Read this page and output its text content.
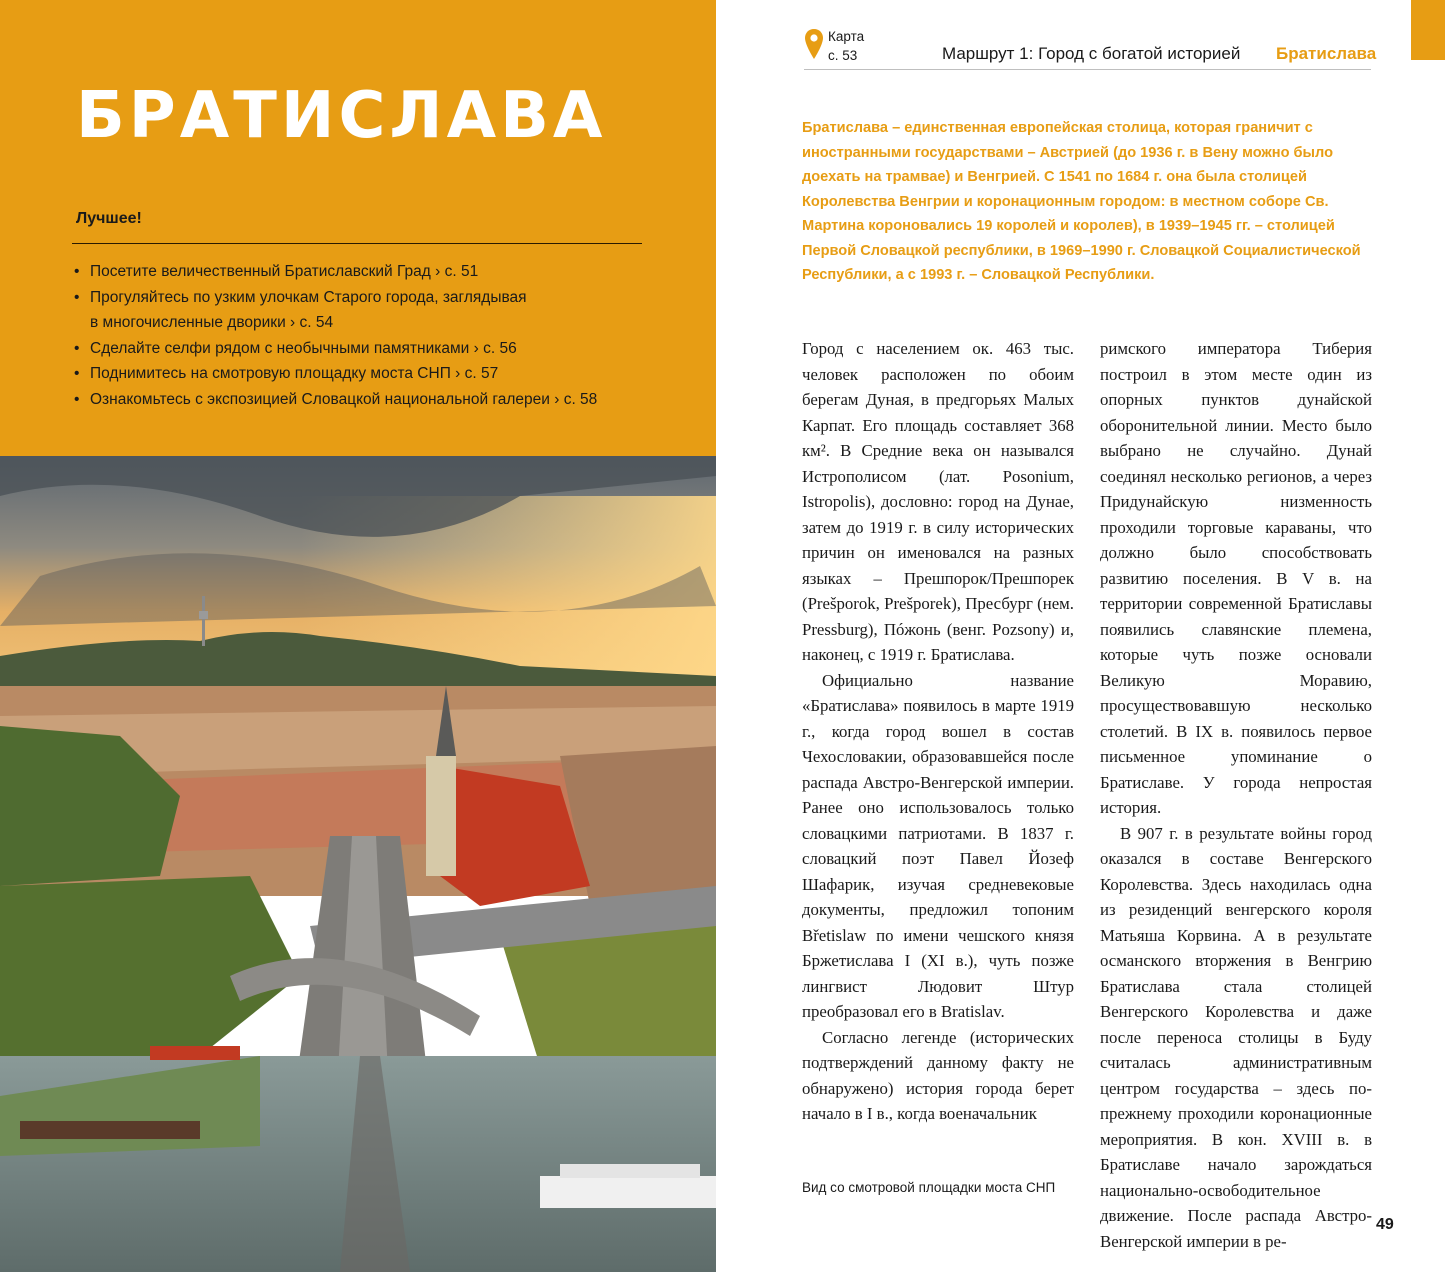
БРАТИСЛАВА
Лучшее!
• Посетите величественный Братиславский Град › с. 51
• Прогуляйтесь по узким улочкам Старого города, заглядывая
в многочисленные дворики › с. 54
• Сделайте селфи рядом с необычными памятниками › с. 56
• Поднимитесь на смотровую площадку моста СНП › с. 57
• Ознакомьтесь с экспозицией Словацкой национальной галереи › с. 58
Карта
с. 53	Маршрут 1: Город с богатой историей Братислава

Братислава – единственная европейская столица, которая граничит с иностранными государствами – Австрией (до 1936 г. в Вену можно было доехать на трамвае) и Венгрией. С 1541 по 1684 г. она была столицей Королевства Венгрии и коронационным городом: в местном соборе Св. Мартина короновались 19 королей и королев), в 1939–1945 гг. – столицей Первой Словацкой республики, в 1969–1990 г. Словацкой Социалистической Республики, а с 1993 г. – Словацкой Республики.

Город с населением ок. 463 тыс. человек расположен по обоим берегам Дуная, в предгорьях Малых Карпат. Его площадь составляет 368 км². В Средние века он назывался Истрополисом (лат. Posonium, Istropolis), дословно: город на Дунае, затем до 1919 г. в силу исторических причин он именовался на разных языках – Прешпорок/Прешпорек (Prešporok, Prešporek), Пресбург (нем. Pressburg), Пóжонь (венг. Pozsony) и, наконец, с 1919 г. Братислава.

Официально название «Братислава» появилось в марте 1919 г., когда город вошел в состав Чехословакии, образовавшейся после распада Австро-Венгерской империи. Ранее оно использовалось только словацкими патриотами. В 1837 г. словацкий поэт Павел Йозеф Шафарик, изучая средневековые документы, предложил топоним Břetislaw по имени чешского князя Бржетислава I (XI в.), чуть позже лингвист Людовит Штур преобразовал его в Bratislav.

Согласно легенде (исторических подтверждений данному факту не обнаружено) история города берет начало в I в., когда военачальник

римского императора Тиберия построил в этом месте один из опорных пунктов дунайской оборонительной линии. Место было выбрано не случайно. Дунай соединял несколько регионов, а через Придунайскую низменность проходили торговые караваны, что должно было способствовать развитию поселения. В V в. на территории современной Братиславы появились славянские племена, которые чуть позже основали Великую Моравию, просуществовавшую несколько столетий. В IX в. появилось первое письменное упоминание о Братиславе. У города непростая история.

В 907 г. в результате войны город оказался в составе Венгерского Королевства. Здесь находилась одна из резиденций венгерского короля Матьяша Корвина. А в результате османского вторжения в Венгрию Братислава стала столицей Венгерского Королевства и даже после переноса столицы в Буду считалась административным центром государства – здесь по-прежнему проходили коронационные мероприятия. В кон. XVIII в. в Братиславе начало зарождаться национально-освободительное движение. После распада Австро-Венгерской империи в ре-

Вид со смотровой площадки моста СНП
49
